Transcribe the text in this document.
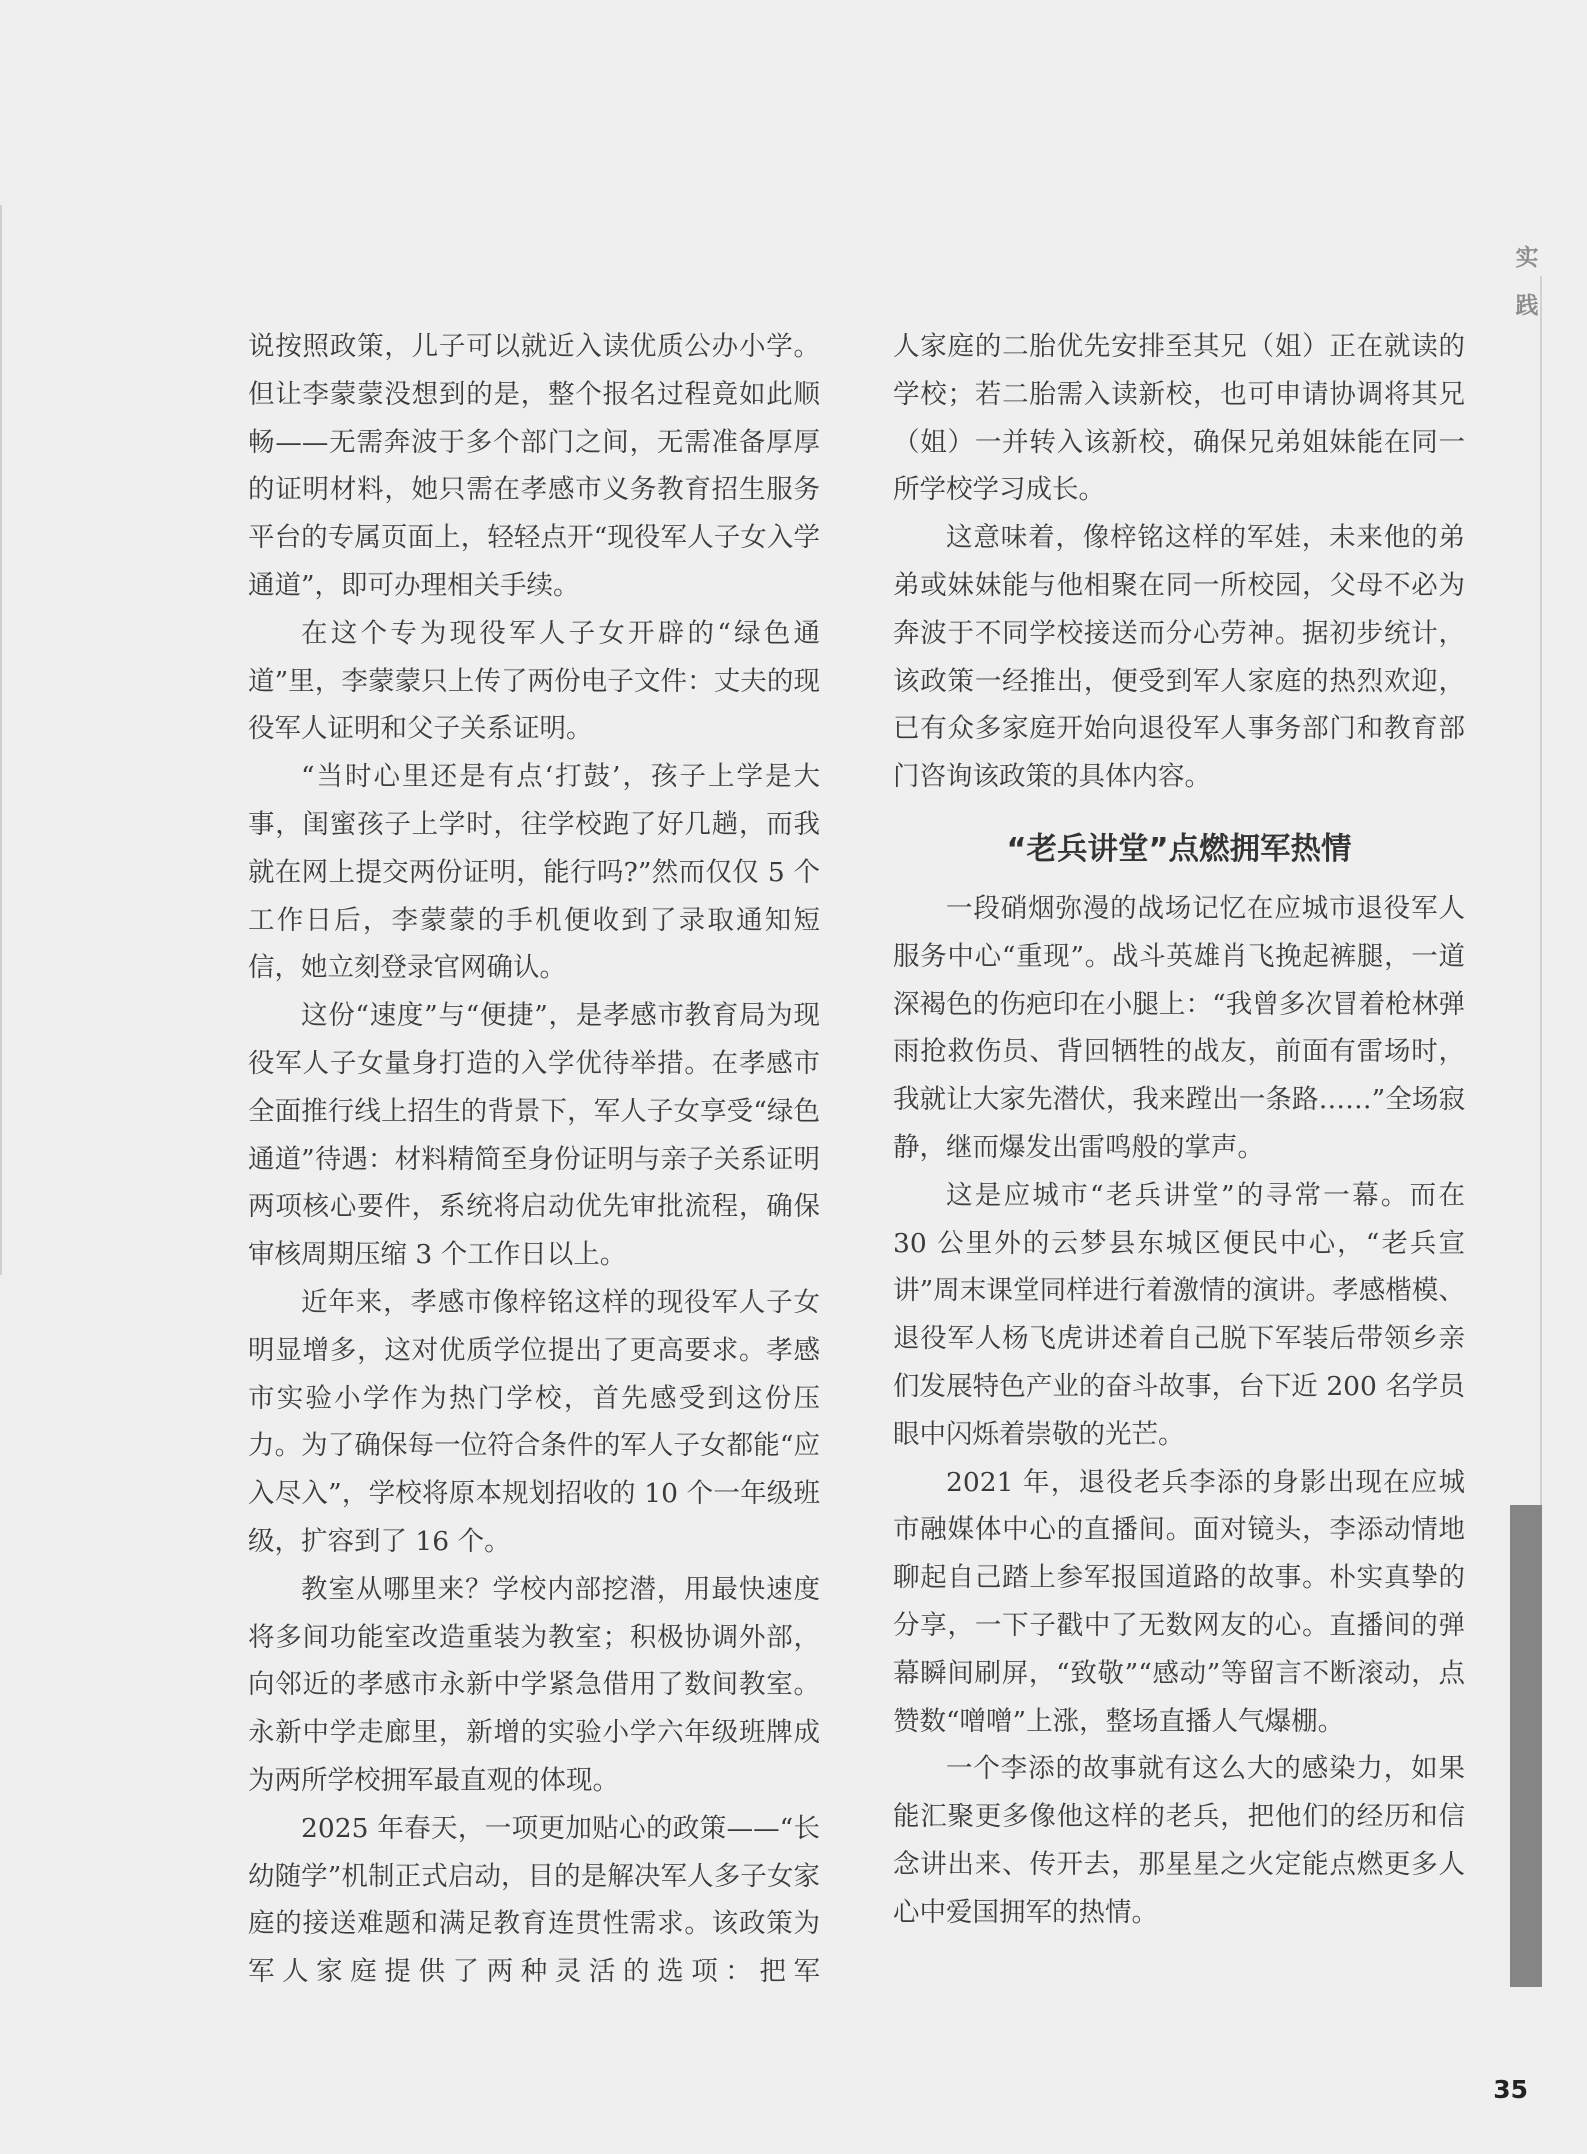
说按照政策，儿子可以就近入读优质公办小学。但让李蒙蒙没想到的是，整个报名过程竟如此顺畅——无需奔波于多个部门之间，无需准备厚厚的证明材料，她只需在孝感市义务教育招生服务平台的专属页面上，轻轻点开“现役军人子女入学通道”，即可办理相关手续。

在这个专为现役军人子女开辟的“绿色通道”里，李蒙蒙只上传了两份电子文件：丈夫的现役军人证明和父子关系证明。

“当时心里还是有点‘打鼓’，孩子上学是大事，闺蜜孩子上学时，往学校跑了好几趟，而我就在网上提交两份证明，能行吗?”然而仅仅 5 个工作日后，李蒙蒙的手机便收到了录取通知短信，她立刻登录官网确认。

这份“速度”与“便捷”，是孝感市教育局为现役军人子女量身打造的入学优待举措。在孝感市全面推行线上招生的背景下，军人子女享受“绿色通道”待遇：材料精简至身份证明与亲子关系证明两项核心要件，系统将启动优先审批流程，确保审核周期压缩 3 个工作日以上。

近年来，孝感市像梓铭这样的现役军人子女明显增多，这对优质学位提出了更高要求。孝感市实验小学作为热门学校，首先感受到这份压力。为了确保每一位符合条件的军人子女都能“应入尽入”，学校将原本规划招收的 10 个一年级班级，扩容到了 16 个。

教室从哪里来？学校内部挖潜，用最快速度将多间功能室改造重装为教室；积极协调外部，向邻近的孝感市永新中学紧急借用了数间教室。永新中学走廊里，新增的实验小学六年级班牌成为两所学校拥军最直观的体现。

2025 年春天，一项更加贴心的政策——“长幼随学”机制正式启动，目的是解决军人多子女家庭的接送难题和满足教育连贯性需求。该政策为军人家庭提供了两种灵活的选项：把军

人家庭的二胎优先安排至其兄（姐）正在就读的学校；若二胎需入读新校，也可申请协调将其兄（姐）一并转入该新校，确保兄弟姐妹能在同一所学校学习成长。

这意味着，像梓铭这样的军娃，未来他的弟弟或妹妹能与他相聚在同一所校园，父母不必为奔波于不同学校接送而分心劳神。据初步统计，该政策一经推出，便受到军人家庭的热烈欢迎，已有众多家庭开始向退役军人事务部门和教育部门咨询该政策的具体内容。

“老兵讲堂”点燃拥军热情

一段硝烟弥漫的战场记忆在应城市退役军人服务中心“重现”。战斗英雄肖飞挽起裤腿，一道深褐色的伤疤印在小腿上：“我曾多次冒着枪林弹雨抢救伤员、背回牺牲的战友，前面有雷场时，我就让大家先潜伏，我来蹚出一条路……”全场寂静，继而爆发出雷鸣般的掌声。

这是应城市“老兵讲堂”的寻常一幕。而在 30 公里外的云梦县东城区便民中心，“老兵宣讲”周末课堂同样进行着激情的演讲。孝感楷模、退役军人杨飞虎讲述着自己脱下军装后带领乡亲们发展特色产业的奋斗故事，台下近 200 名学员眼中闪烁着崇敬的光芒。

2021 年，退役老兵李添的身影出现在应城市融媒体中心的直播间。面对镜头，李添动情地聊起自己踏上参军报国道路的故事。朴实真挚的分享，一下子戳中了无数网友的心。直播间的弹幕瞬间刷屏，“致敬”“感动”等留言不断滚动，点赞数“噌噌”上涨，整场直播人气爆棚。

一个李添的故事就有这么大的感染力，如果能汇聚更多像他这样的老兵，把他们的经历和信念讲出来、传开去，那星星之火定能点燃更多人心中爱国拥军的热情。

实
践
35
